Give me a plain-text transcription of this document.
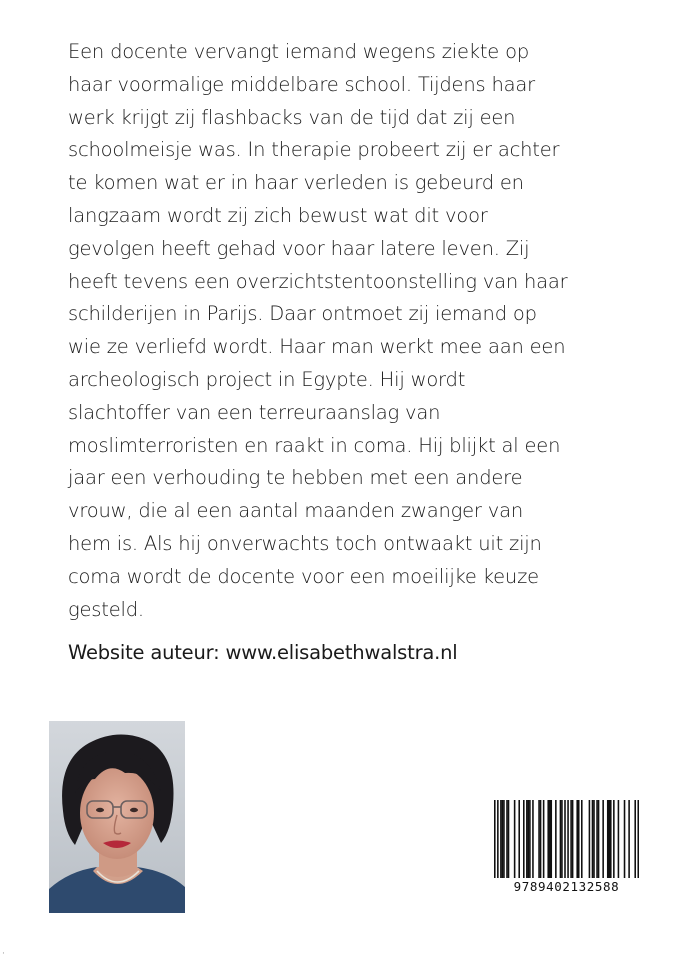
Een docente vervangt iemand wegens ziekte op
haar voormalige middelbare school. Tijdens haar
werk krijgt zij flashbacks van de tijd dat zij een
schoolmeisje was. In therapie probeert zij er achter
te komen wat er in haar verleden is gebeurd en
langzaam wordt zij zich bewust wat dit voor
gevolgen heeft gehad voor haar latere leven. Zij
heeft tevens een overzichtstentoonstelling van haar
schilderijen in Parijs. Daar ontmoet zij iemand op
wie ze verliefd wordt. Haar man werkt mee aan een
archeologisch project in Egypte. Hij wordt
slachtoffer van een terreuraanslag van
moslimterroristen en raakt in coma. Hij blijkt al een
jaar een verhouding te hebben met een andere
vrouw, die al een aantal maanden zwanger van
hem is. Als hij onverwachts toch ontwaakt uit zijn
coma wordt de docente voor een moeilijke keuze
gesteld.

Website auteur: www.elisabethwalstra.nl

9789402132588
·
